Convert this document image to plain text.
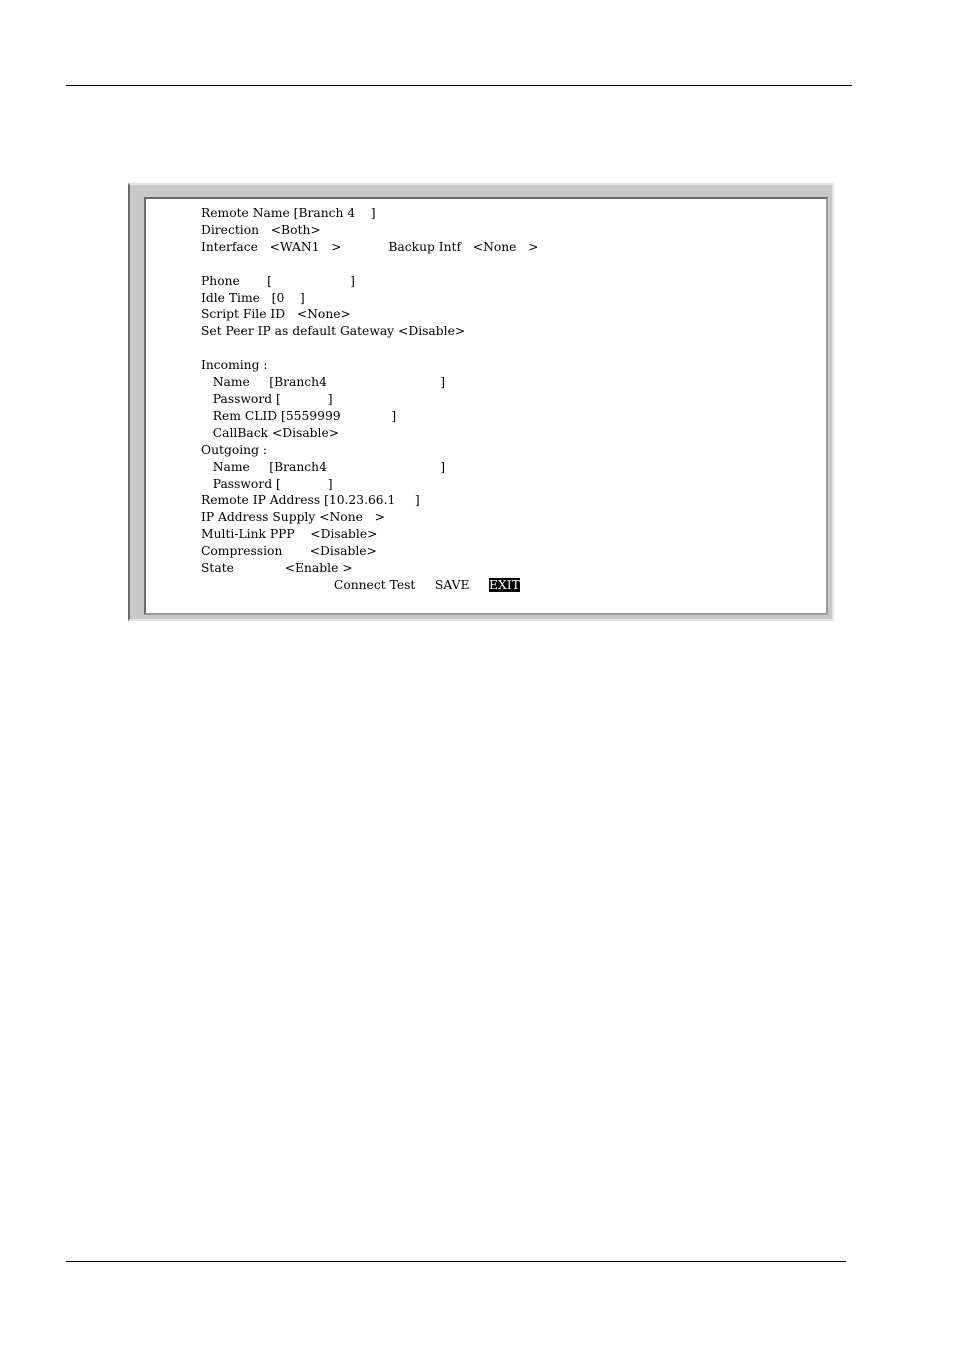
Remote Name [Branch 4    ]
Direction   <Both>
Interface   <WAN1   >            Backup Intf   <None   >

Phone       [                    ]
Idle Time   [0    ]
Script File ID   <None>
Set Peer IP as default Gateway <Disable>

Incoming :
Name     [Branch4                             ]
Password [            ]
Rem CLID [5559999             ]
CallBack <Disable>
Outgoing :
Name     [Branch4                             ]
Password [            ]
Remote IP Address [10.23.66.1     ]
IP Address Supply <None   >
Multi-Link PPP    <Disable>
Compression       <Disable>
State             <Enable >
Connect Test SAVE EXIT
